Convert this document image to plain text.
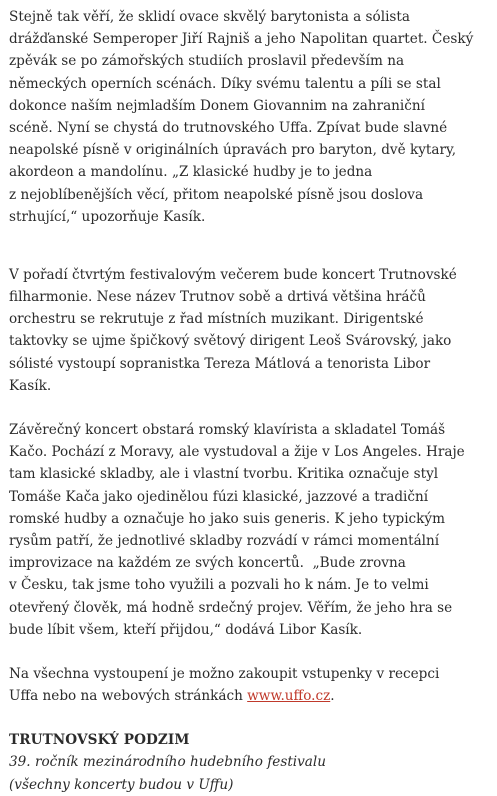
Stejně tak věří, že sklidí ovace skvělý barytonista a sólista
drážďanské Semperoper Jiří Rajniš a jeho Napolitan quartet. Český
zpěvák se po zámořských studiích proslavil především na
německých operních scénách. Díky svému talentu a píli se stal
dokonce naším nejmladším Donem Giovannim na zahraniční
scéně. Nyní se chystá do trutnovského Uffa. Zpívat bude slavné
neapolské písně v originálních úpravách pro baryton, dvě kytary,
akordeon a mandolínu. „Z klasické hudby je to jedna
z nejoblíbenějších věcí, přitom neapolské písně jsou doslova
strhující,“ upozorňuje Kasík.
V pořadí čtvrtým festivalovým večerem bude koncert Trutnovské
filharmonie. Nese název Trutnov sobě a drtivá většina hráčů
orchestru se rekrutuje z řad místních muzikant. Dirigentské
taktovky se ujme špičkový světový dirigent Leoš Svárovský, jako
sólisté vystoupí sopranistka Tereza Mátlová a tenorista Libor
Kasík.
Závěrečný koncert obstará romský klavírista a skladatel Tomáš
Kačo. Pochází z Moravy, ale vystudoval a žije v Los Angeles. Hraje
tam klasické skladby, ale i vlastní tvorbu. Kritika označuje styl
Tomáše Kača jako ojedinělou fúzi klasické, jazzové a tradiční
romské hudby a označuje ho jako suis generis. K jeho typickým
rysům patří, že jednotlivé skladby rozvádí v rámci momentální
improvizace na každém ze svých koncertů.  „Bude zrovna
v Česku, tak jsme toho využili a pozvali ho k nám. Je to velmi
otevřený člověk, má hodně srdečný projev. Věřím, že jeho hra se
bude líbit všem, kteří přijdou,“ dodává Libor Kasík.
Na všechna vystoupení je možno zakoupit vstupenky v recepci
Uffa nebo na webových stránkách www.uffo.cz.
TRUTNOVSKÝ PODZIM
39. ročník mezinárodního hudebního festivalu
(všechny koncerty budou v Uffu)
